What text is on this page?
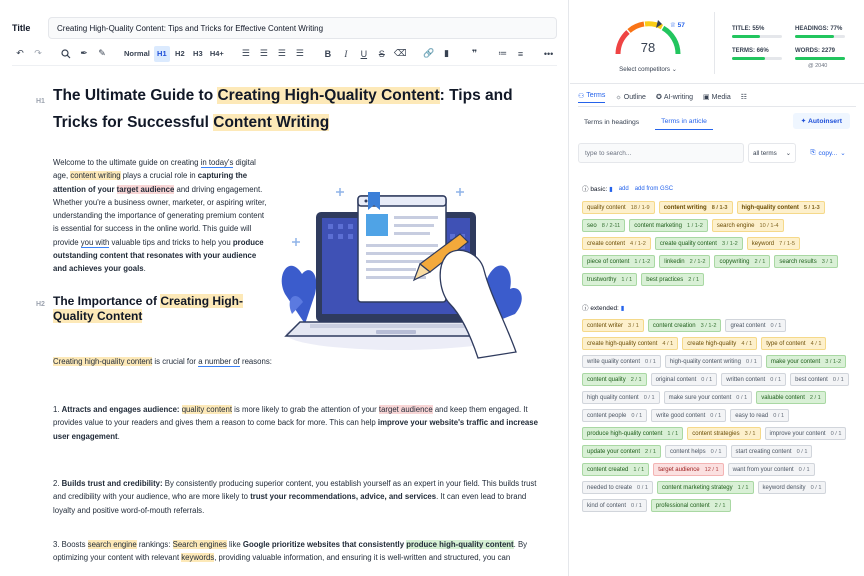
Title	Creating High-Quality Content: Tips and Tricks for Effective Content Writing
↶	↷	✒	✎	Normal H1	H2	H3 H4+	☰	☰	☰	☰	B	I	U	S	⌫ 🔗	▮	❞	≔	≡	•••
H1 The Ultimate Guide to Creating High-Quality Content: Tips and Tricks for Successful Content Writing
Welcome to the ultimate guide on creating in today's digital age, content writing plays a crucial role in capturing the attention of your target audience and driving engagement. Whether you're a business owner, marketer, or aspiring writer, understanding the importance of generating premium content is essential for success in the online world. This guide will provide you with valuable tips and tricks to help you produce outstanding content that resonates with your audience and achieves your goals.
H2 The Importance of Creating High-Quality Content
Creating high-quality content is crucial for a number of reasons:
1. Attracts and engages audience: quality content is more likely to grab the attention of your target audience and keep them engaged. It provides value to your readers and gives them a reason to come back for more. This can help improve your website's traffic and increase user engagement.
2. Builds trust and credibility: By consistently producing superior content, you establish yourself as an expert in your field. This builds trust and credibility with your audience, who are more likely to trust your recommendations, advice, and services. It can even lead to brand loyalty and positive word-of-mouth referrals.
3. Boosts search engine rankings: Search engines like Google prioritize websites that consistently produce high-quality content. By optimizing your content with relevant keywords, providing valuable information, and ensuring it is well-written and structured, you can
78
♕ 57
Select competitors ⌄
TITLE: 55%	HEADINGS: 77%
TERMS: 66%	WORDS: 2279
@ 2040
⚇ Terms ☼ Outline ✪ AI-writing ▣ Media ☷
Terms in headings	Terms in article	✦ Autoinsert
type to search...	all terms ⌄	⎘ copy... ⌄
ⓘ basic: ▮ add add from GSC
quality content 18 / 1-9 content writing 8 / 1-3 high-quality content 5 / 1-3
seo 8 / 2-11 content marketing 1 / 1-2 search engine 10 / 1-4
create content 4 / 1-2 create quality content 3 / 1-2 keyword 7 / 1-5
piece of content 1 / 1-2 linkedin 2 / 1-2 copywriting 2 / 1 search results 3 / 1
trustworthy 1 / 1 best practices 2 / 1
ⓘ extended: ▮
content writer 3 / 1 content creation 3 / 1-2 great content 0 / 1
create high-quality content 4 / 1 create high-quality 4 / 1 type of content 4 / 1
write quality content 0 / 1 high-quality content writing 0 / 1 make your content 3 / 1-2
content quality 2 / 1 original content 0 / 1 written content 0 / 1 best content 0 / 1
high quality content 0 / 1 make sure your content 0 / 1 valuable content 2 / 1
content people 0 / 1 write good content 0 / 1 easy to read 0 / 1
produce high-quality content 1 / 1 content strategies 3 / 1 improve your content 0 / 1
update your content 2 / 1 content helps 0 / 1 start creating content 0 / 1
content created 1 / 1 target audience 12 / 1 want from your content 0 / 1
needed to create 0 / 1 content marketing strategy 1 / 1 keyword density 0 / 1
kind of content 0 / 1 professional content 2 / 1
